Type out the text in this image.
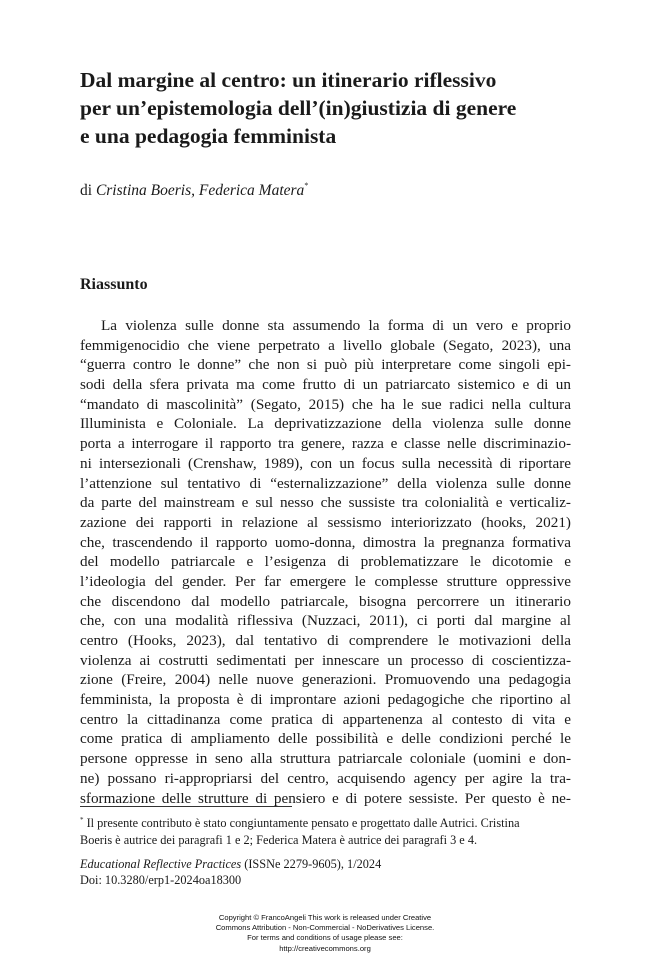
Dal margine al centro: un itinerario riflessivo
per un’epistemologia dell’(in)giustizia di genere
e una pedagogia femminista
di Cristina Boeris, Federica Matera*
Riassunto
La violenza sulle donne sta assumendo la forma di un vero e proprio
femmigenocidio che viene perpetrato a livello globale (Segato, 2023), una
“guerra contro le donne” che non si può più interpretare come singoli epi-
sodi della sfera privata ma come frutto di un patriarcato sistemico e di un
“mandato di mascolinità” (Segato, 2015) che ha le sue radici nella cultura
Illuminista e Coloniale. La deprivatizzazione della violenza sulle donne
porta a interrogare il rapporto tra genere, razza e classe nelle discriminazio-
ni intersezionali (Crenshaw, 1989), con un focus sulla necessità di riportare
l’attenzione sul tentativo di “esternalizzazione” della violenza sulle donne
da parte del mainstream e sul nesso che sussiste tra colonialità e verticaliz-
zazione dei rapporti in relazione al sessismo interiorizzato (hooks, 2021)
che, trascendendo il rapporto uomo-donna, dimostra la pregnanza formativa
del modello patriarcale e l’esigenza di problematizzare le dicotomie e
l’ideologia del gender. Per far emergere le complesse strutture oppressive
che discendono dal modello patriarcale, bisogna percorrere un itinerario
che, con una modalità riflessiva (Nuzzaci, 2011), ci porti dal margine al
centro (Hooks, 2023), dal tentativo di comprendere le motivazioni della
violenza ai costrutti sedimentati per innescare un processo di coscientizza-
zione (Freire, 2004) nelle nuove generazioni. Promuovendo una pedagogia
femminista, la proposta è di improntare azioni pedagogiche che riportino al
centro la cittadinanza come pratica di appartenenza al contesto di vita e
come pratica di ampliamento delle possibilità e delle condizioni perché le
persone oppresse in seno alla struttura patriarcale coloniale (uomini e don-
ne) possano ri-appropriarsi del centro, acquisendo agency per agire la tra-
sformazione delle strutture di pensiero e di potere sessiste. Per questo è ne-
* Il presente contributo è stato congiuntamente pensato e progettato dalle Autrici. Cristina
Boeris è autrice dei paragrafi 1 e 2; Federica Matera è autrice dei paragrafi 3 e 4.
Educational Reflective Practices (ISSNe 2279-9605), 1/2024
Doi: 10.3280/erp1-2024oa18300
Copyright © FrancoAngeli This work is released under Creative
Commons Attribution - Non-Commercial - NoDerivatives License.
For terms and conditions of usage please see:
http://creativecommons.org
